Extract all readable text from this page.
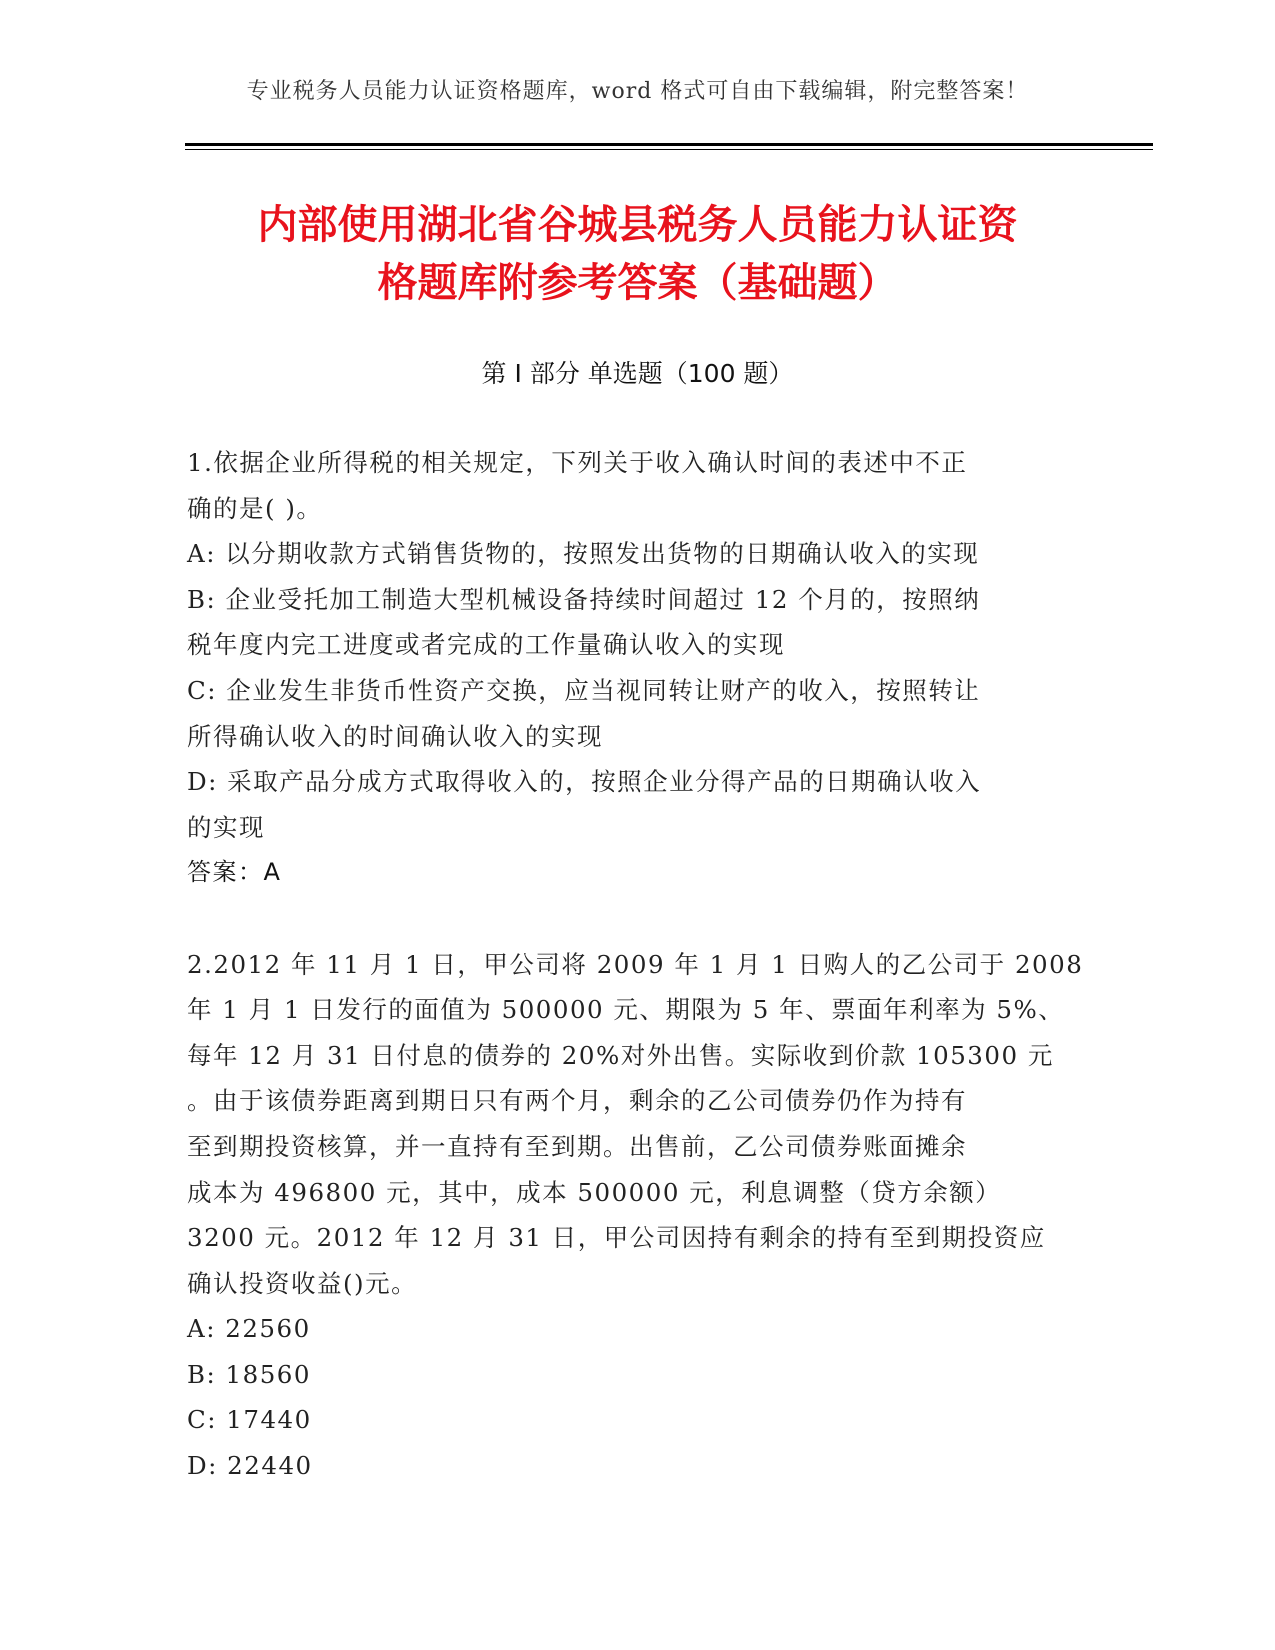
专业税务人员能力认证资格题库，word 格式可自由下载编辑，附完整答案！
内部使用湖北省谷城县税务人员能力认证资
格题库附参考答案（基础题）
第 I 部分 单选题（100 题）
1.依据企业所得税的相关规定，下列关于收入确认时间的表述中不正
确的是( )。
A: 以分期收款方式销售货物的，按照发出货物的日期确认收入的实现
B: 企业受托加工制造大型机械设备持续时间超过 12 个月的，按照纳
税年度内完工进度或者完成的工作量确认收入的实现
C: 企业发生非货币性资产交换，应当视同转让财产的收入，按照转让
所得确认收入的时间确认收入的实现
D: 采取产品分成方式取得收入的，按照企业分得产品的日期确认收入
的实现
答案：A
2.2012 年 11 月 1 日，甲公司将 2009 年 1 月 1 日购人的乙公司于 2008
年 1 月 1 日发行的面值为 500000 元、期限为 5 年、票面年利率为 5%、
每年 12 月 31 日付息的债券的 20%对外出售。实际收到价款 105300 元
。由于该债券距离到期日只有两个月，剩余的乙公司债券仍作为持有
至到期投资核算，并一直持有至到期。出售前，乙公司债券账面摊余
成本为 496800 元，其中，成本 500000 元，利息调整（贷方余额）
3200 元。2012 年 12 月 31 日，甲公司因持有剩余的持有至到期投资应
确认投资收益()元。
A: 22560
B: 18560
C: 17440
D: 22440
